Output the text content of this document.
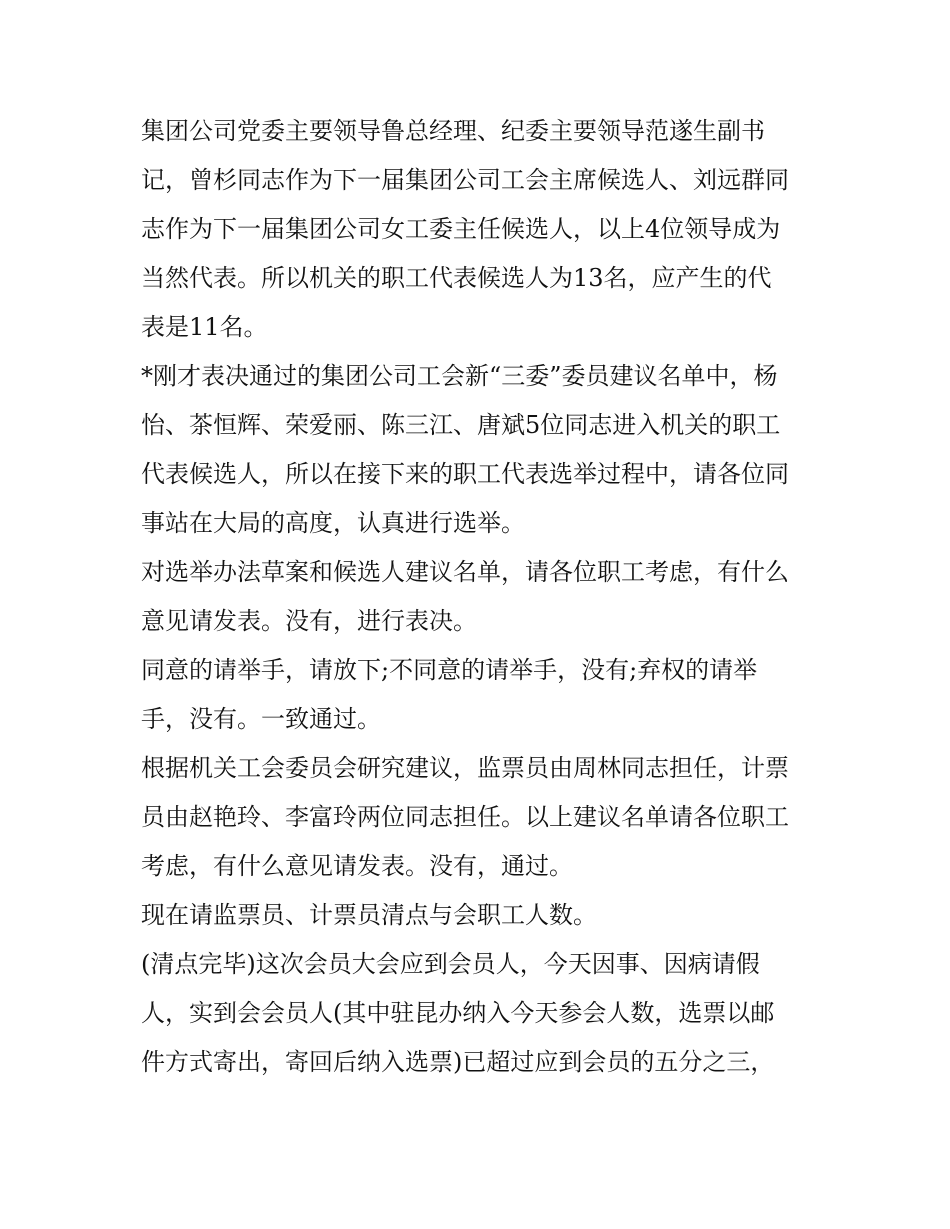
集团公司党委主要领导鲁总经理、纪委主要领导范遂生副书
记，曾杉同志作为下一届集团公司工会主席候选人、刘远群同
志作为下一届集团公司女工委主任候选人，以上4位领导成为
当然代表。所以机关的职工代表候选人为13名，应产生的代
表是11名。
*刚才表决通过的集团公司工会新“三委”委员建议名单中，杨
怡、茶恒辉、荣爱丽、陈三江、唐斌5位同志进入机关的职工
代表候选人，所以在接下来的职工代表选举过程中，请各位同
事站在大局的高度，认真进行选举。
对选举办法草案和候选人建议名单，请各位职工考虑，有什么
意见请发表。没有，进行表决。
同意的请举手，请放下;不同意的请举手，没有;弃权的请举
手，没有。一致通过。
根据机关工会委员会研究建议，监票员由周林同志担任，计票
员由赵艳玲、李富玲两位同志担任。以上建议名单请各位职工
考虑，有什么意见请发表。没有，通过。
现在请监票员、计票员清点与会职工人数。
(清点完毕)这次会员大会应到会员人，今天因事、因病请假
人，实到会会员人(其中驻昆办纳入今天参会人数，选票以邮
件方式寄出，寄回后纳入选票)已超过应到会员的五分之三，
